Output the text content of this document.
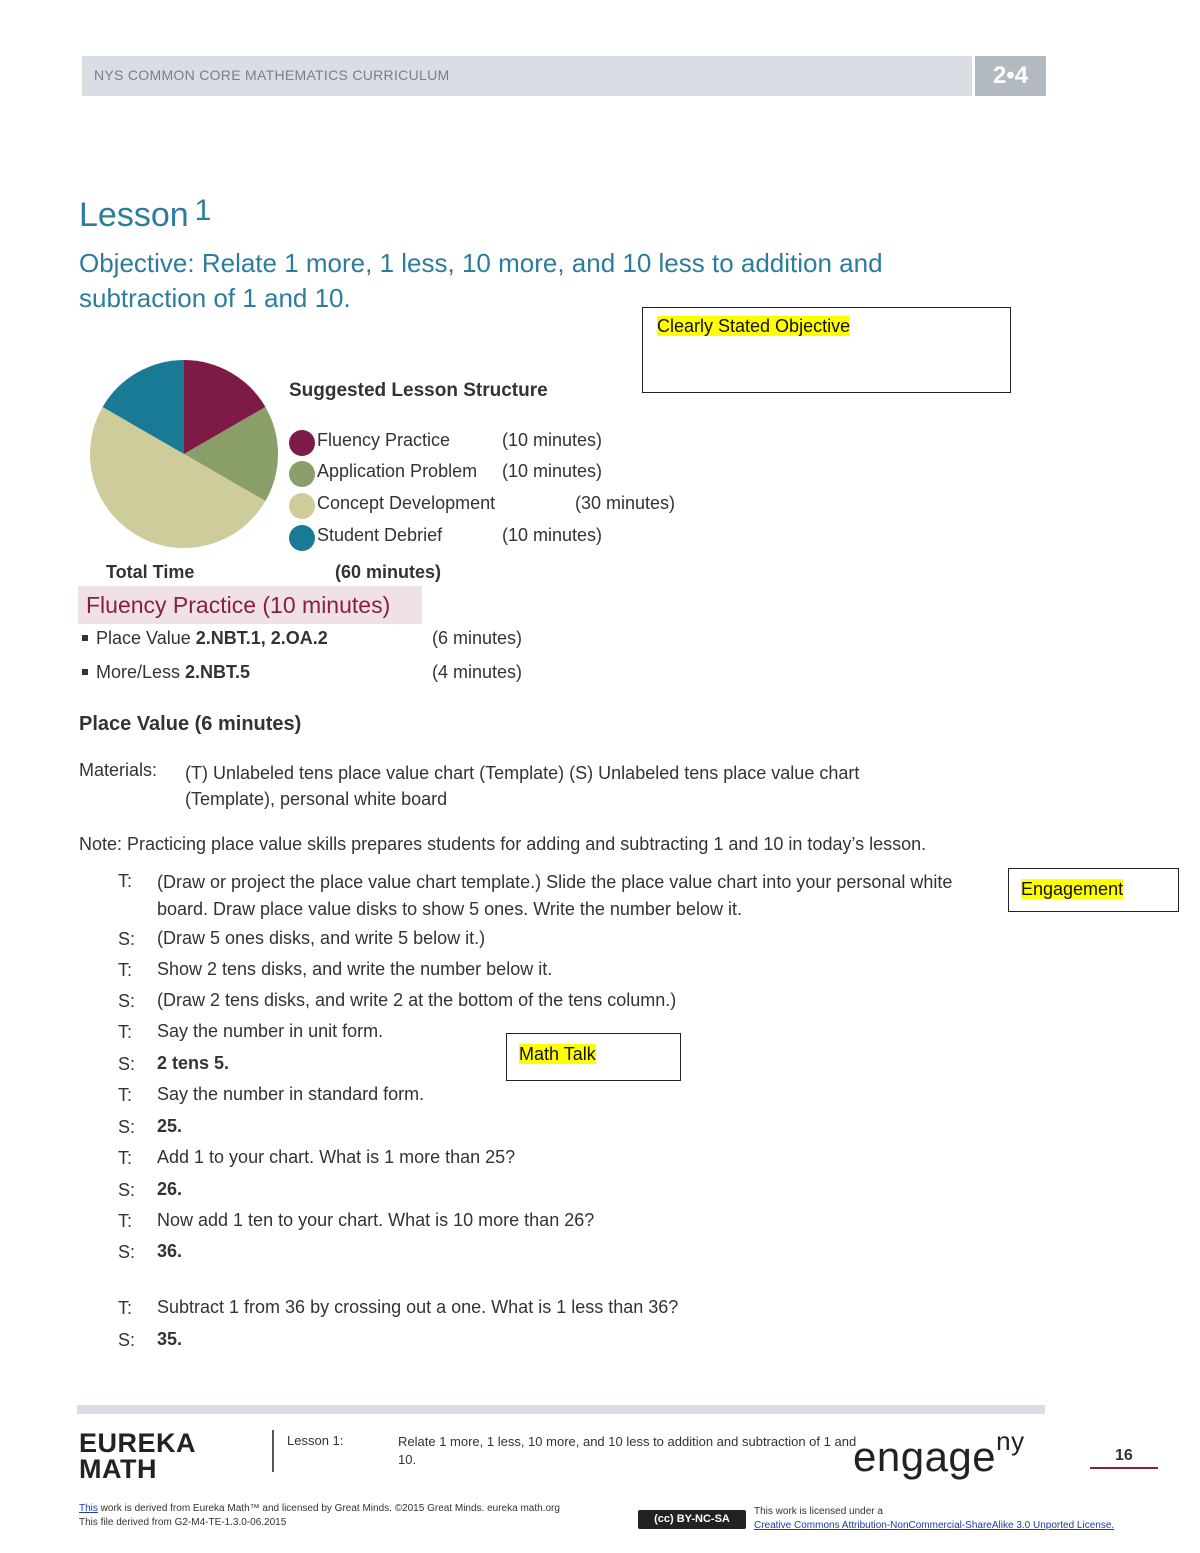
NYS COMMON CORE MATHEMATICS CURRICULUM	2•4
Lesson 1
Objective: Relate 1 more, 1 less, 10 more, and 10 less to addition and subtraction of 1 and 10.
Clearly Stated Objective
Engagement
Math Talk
Suggested Lesson Structure
Fluency Practice	(10 minutes)
Application Problem (10 minutes)
Concept Development	(30 minutes)
Student Debrief	(10 minutes)
Total Time	(60 minutes)
Fluency Practice (10 minutes)
Place Value 2.NBT.1, 2.OA.2	(6 minutes)
More/Less 2.NBT.5	(4 minutes)
Place Value (6 minutes)
Materials: (T) Unlabeled tens place value chart (Template) (S) Unlabeled tens place value chart (Template), personal white board
Note: Practicing place value skills prepares students for adding and subtracting 1 and 10 in today’s lesson.
T: (Draw or project the place value chart template.) Slide the place value chart into your personal white board. Draw place value disks to show 5 ones. Write the number below it.
S: (Draw 5 ones disks, and write 5 below it.)
T: Show 2 tens disks, and write the number below it.
S: (Draw 2 tens disks, and write 2 at the bottom of the tens column.)
T: Say the number in unit form.
S: 2 tens 5.
T: Say the number in standard form.
S: 25.
T: Add 1 to your chart. What is 1 more than 25?
S: 26.
T: Now add 1 ten to your chart. What is 10 more than 26?
S: 36.
T: Subtract 1 from 36 by crossing out a one. What is 1 less than 36?
S: 35.
EUREKA
MATH
Lesson 1:	Relate 1 more, 1 less, 10 more, and 10 less to addition and subtraction of 1 and 10.	engage$^{ny}$	16
This work is derived from Eureka Math™ and licensed by Great Minds. ©2015 Great Minds. eureka math.org
This file derived from G2-M4-TE-1.3.0-06.2015	(cc) BY-NC-SA
This work is licensed under a
Creative Commons Attribution-NonCommercial-ShareAlike 3.0 Unported License.
